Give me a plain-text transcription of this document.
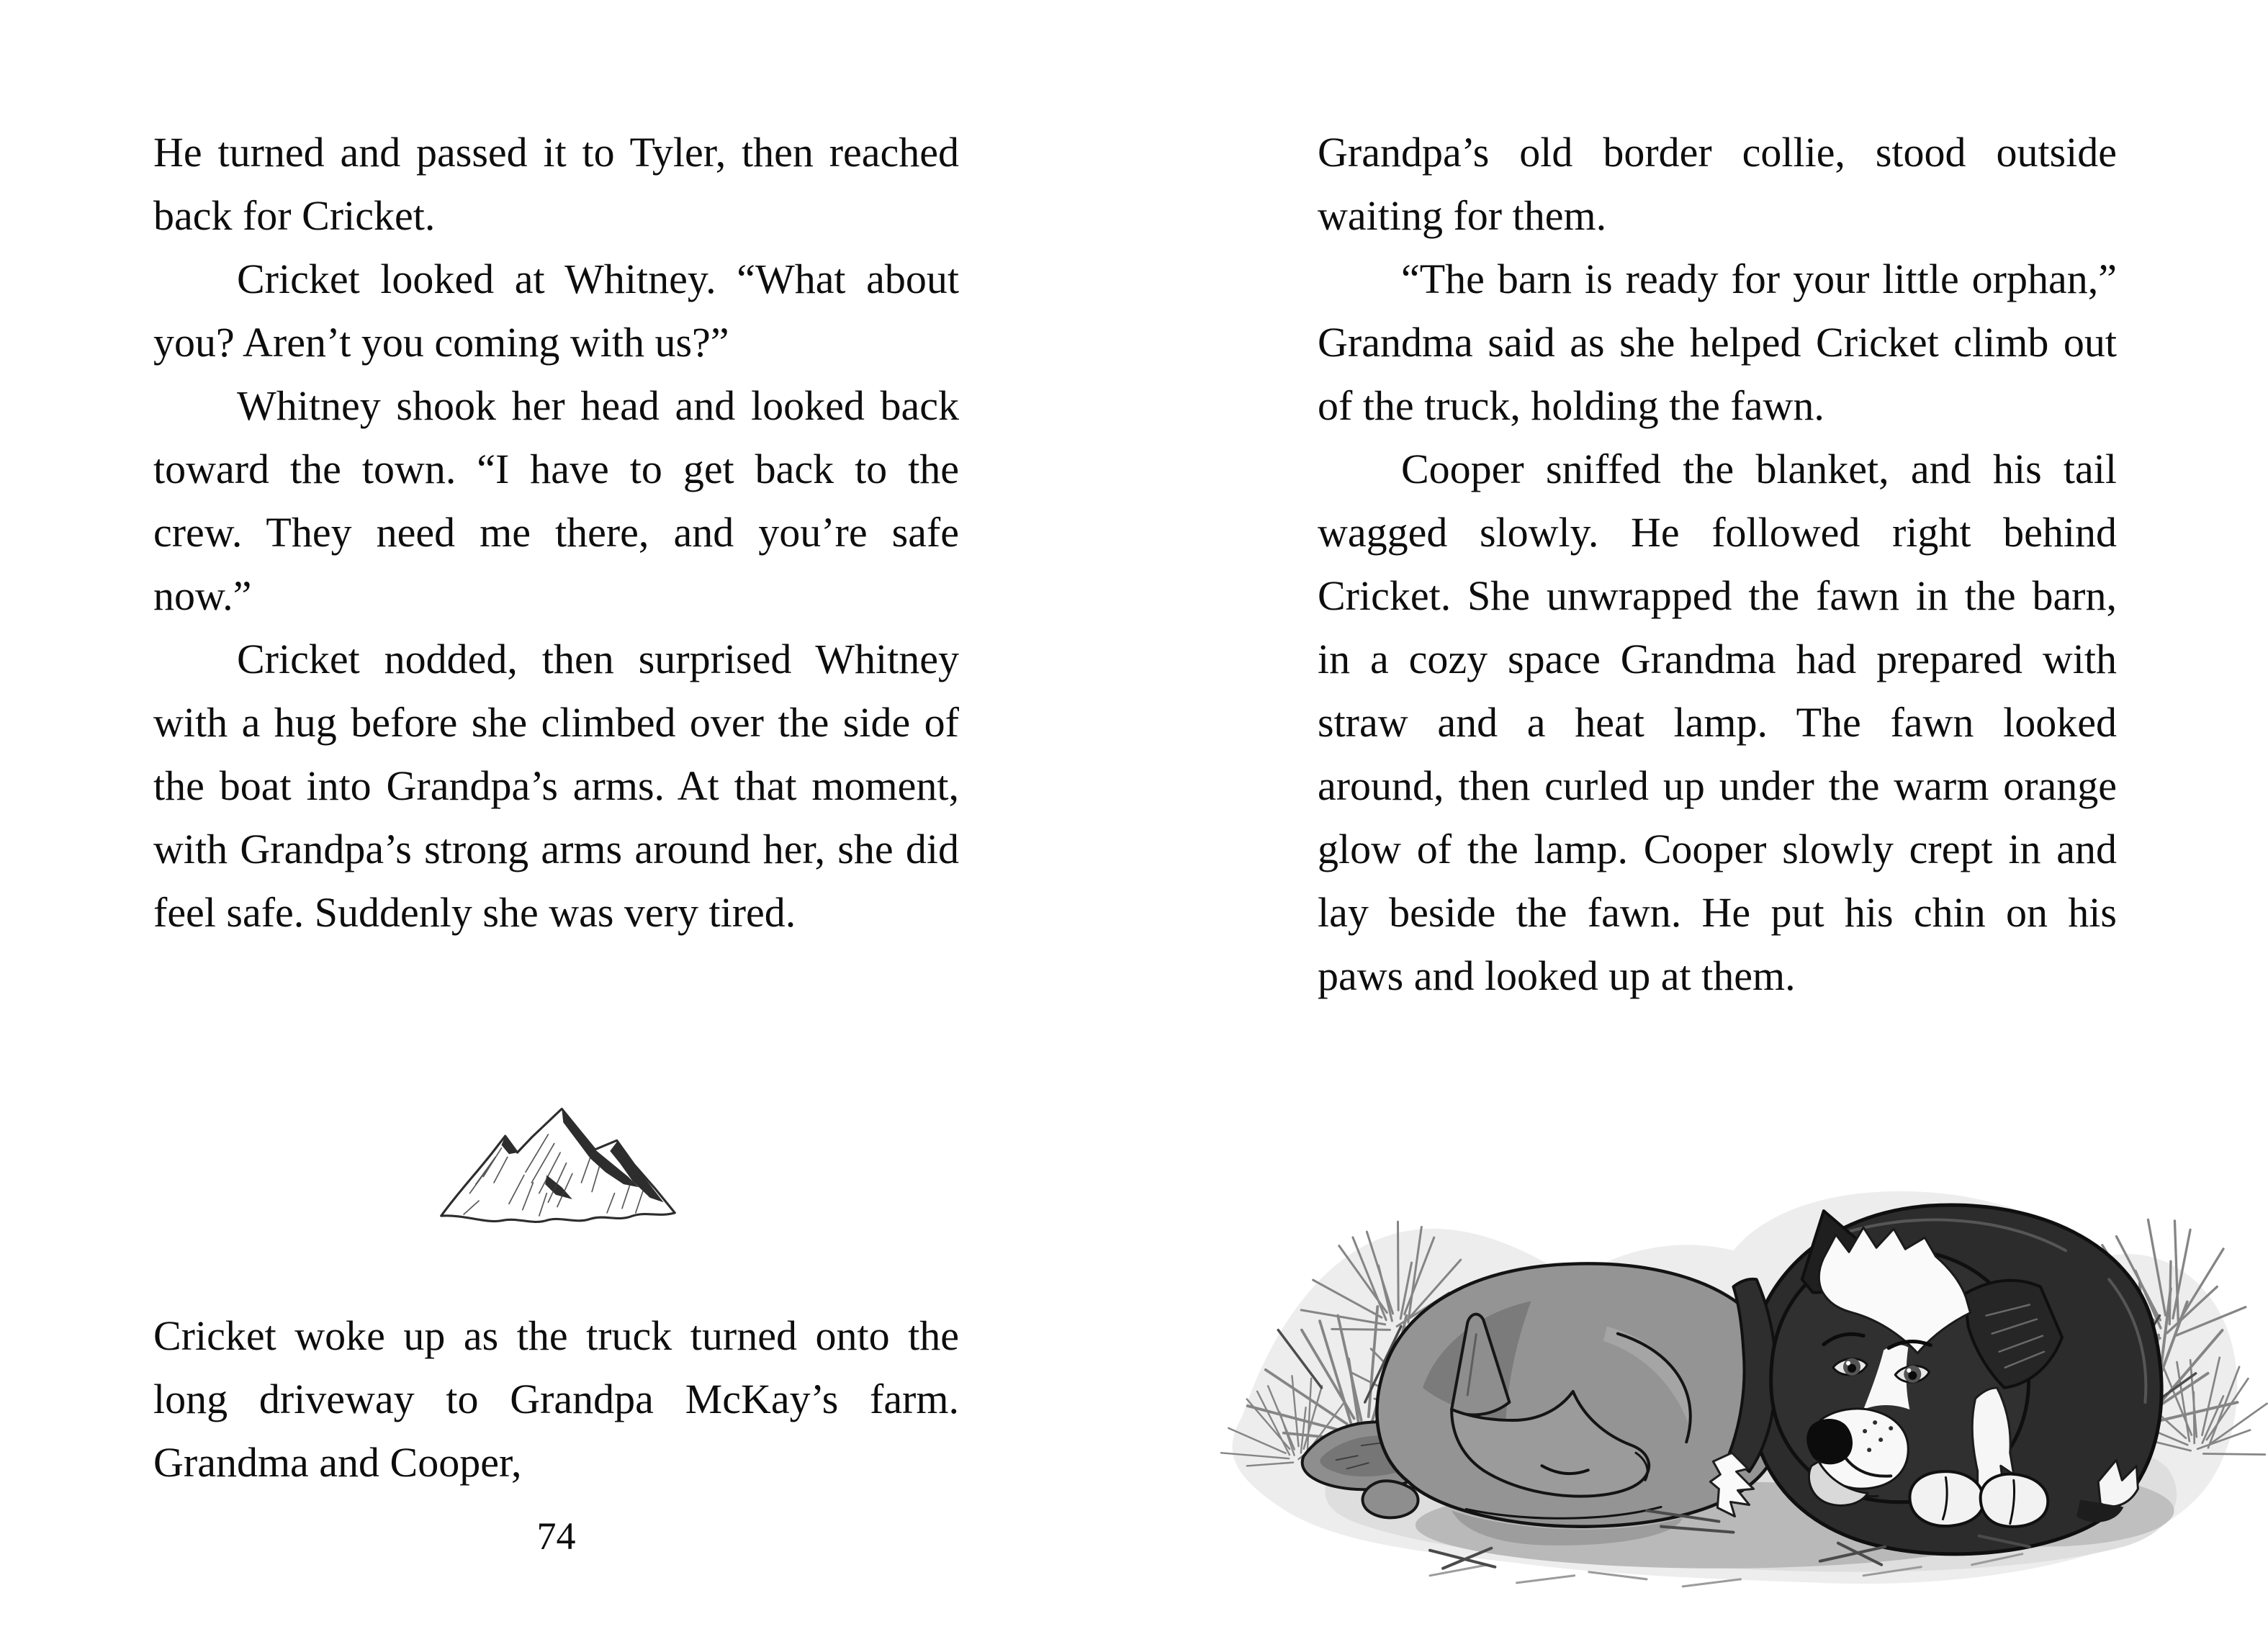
He turned and passed it to Tyler, then reached back for Cricket.

Cricket looked at Whitney. “What about you? Aren’t you coming with us?”

Whitney shook her head and looked back toward the town. “I have to get back to the crew. They need me there, and you’re safe now.”

Cricket nodded, then surprised Whitney with a hug before she climbed over the side of the boat into Grandpa’s arms. At that moment, with Grandpa’s strong arms around her, she did feel safe. Suddenly she was very tired.

Cricket woke up as the truck turned onto the long driveway to Grandpa McKay’s farm. Grandma and Cooper,

74

Grandpa’s old border collie, stood outside waiting for them.

“The barn is ready for your little orphan,” Grandma said as she helped Cricket climb out of the truck, holding the fawn.

Cooper sniffed the blanket, and his tail wagged slowly. He followed right behind Cricket. She unwrapped the fawn in the barn, in a cozy space Grandma had prepared with straw and a heat lamp. The fawn looked around, then curled up under the warm orange glow of the lamp. Cooper slowly crept in and lay beside the fawn. He put his chin on his paws and looked up at them.
